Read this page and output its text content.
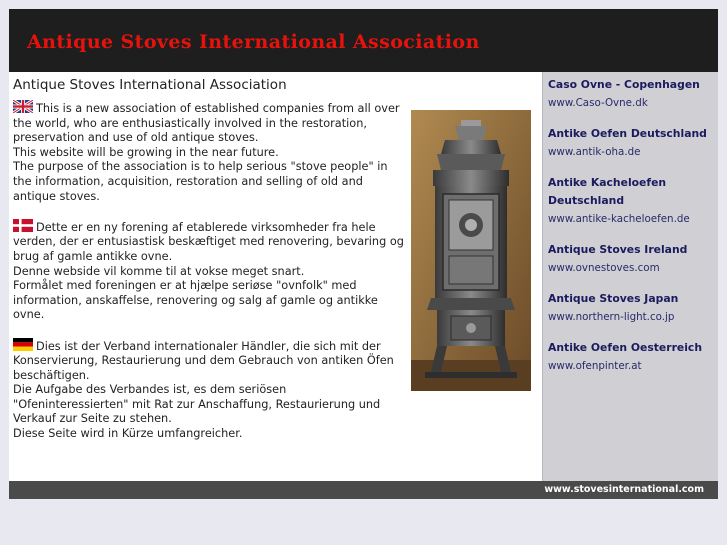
Antique Stoves International Association
Antique Stoves International Association

This is a new association of established companies from all over the world, who are enthusiastically involved in the restoration, preservation and use of old antique stoves.
This website will be growing in the near future.
The purpose of the association is to help serious "stove people" in the information, acquisition, restoration and selling of old and antique stoves.

Dette er en ny forening af etablerede virksomheder fra hele verden, der er entusiastisk beskæftiget med renovering, bevaring og brug af gamle antikke ovne.
Denne webside vil komme til at vokse meget snart.
Formålet med foreningen er at hjælpe seriøse "ovnfolk" med information, anskaffelse, renovering og salg af gamle og antikke ovne.

Dies ist der Verband internationaler Händler, die sich mit der Konservierung, Restaurierung und dem Gebrauch von antiken Öfen beschäftigen.
Die Aufgabe des Verbandes ist, es dem seriösen "Ofeninteressierten" mit Rat zur Anschaffung, Restaurierung und Verkauf zur Seite zu stehen.
Diese Seite wird in Kürze umfangreicher.

Caso Ovne - Copenhagen
www.Caso-Ovne.dk
Antike Oefen Deutschland
www.antik-oha.de
Antike Kacheloefen Deutschland
www.antike-kacheloefen.de
Antique Stoves Ireland
www.ovnestoves.com
Antique Stoves Japan
www.northern-light.co.jp
Antike Oefen Oesterreich
www.ofenpinter.at
www.stovesinternational.com
